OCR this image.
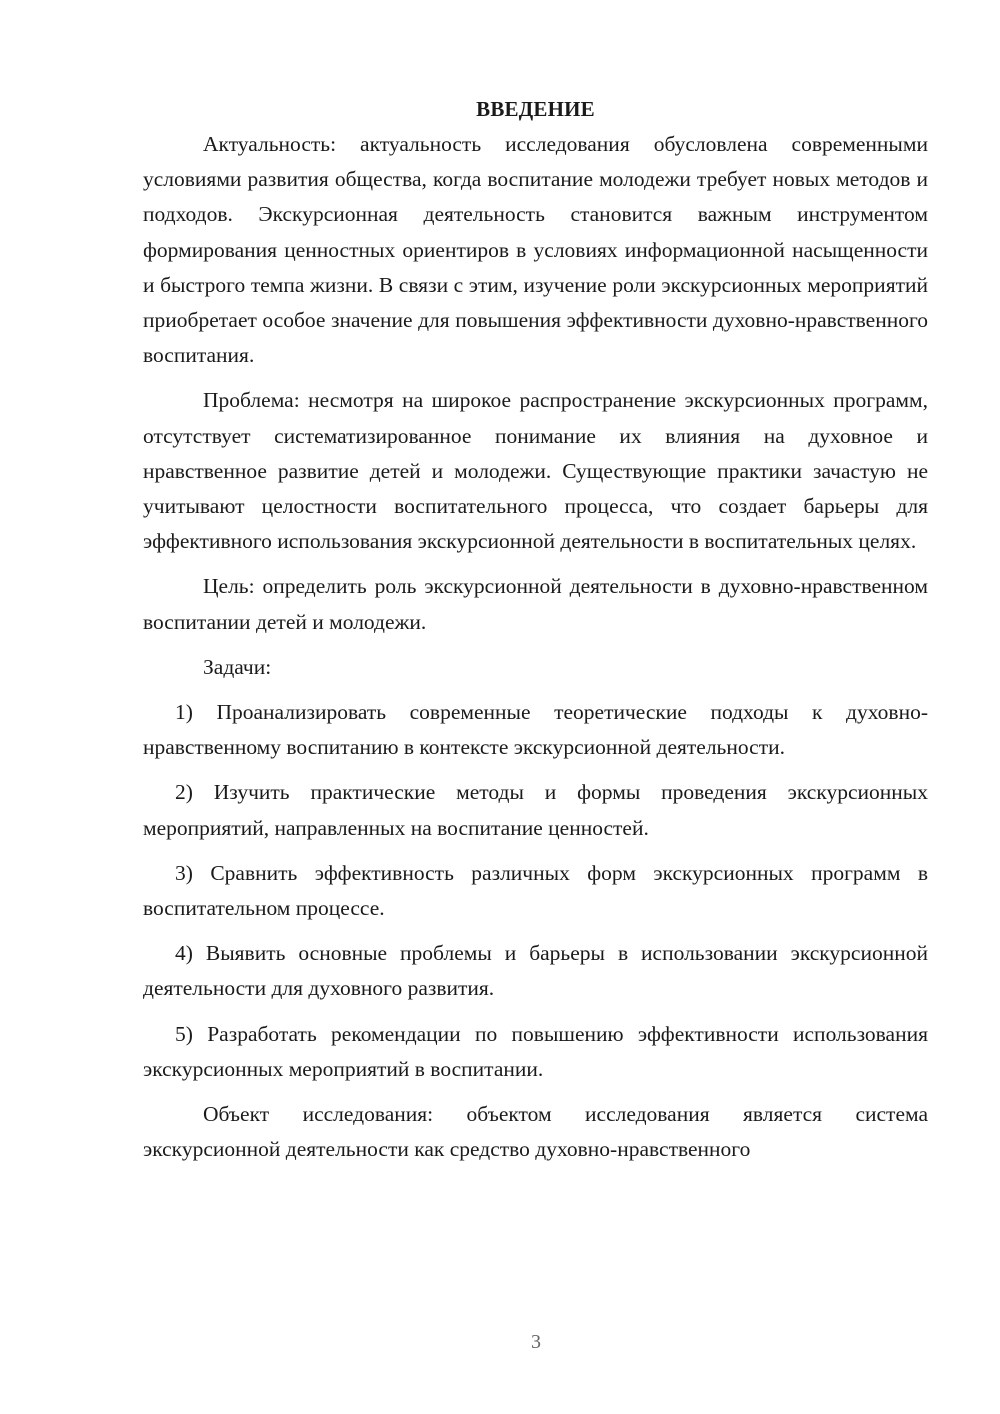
ВВЕДЕНИЕ

Актуальность: актуальность исследования обусловлена современными условиями развития общества, когда воспитание молодежи требует новых методов и подходов. Экскурсионная деятельность становится важным инструментом формирования ценностных ориентиров в условиях информационной насыщенности и быстрого темпа жизни. В связи с этим, изучение роли экскурсионных мероприятий приобретает особое значение для повышения эффективности духовно-нравственного воспитания.

Проблема: несмотря на широкое распространение экскурсионных программ, отсутствует систематизированное понимание их влияния на духовное и нравственное развитие детей и молодежи. Существующие практики зачастую не учитывают целостности воспитательного процесса, что создает барьеры для эффективного использования экскурсионной деятельности в воспитательных целях.

Цель: определить роль экскурсионной деятельности в духовно-нравственном воспитании детей и молодежи.

Задачи:

1) Проанализировать современные теоретические подходы к духовно-нравственному воспитанию в контексте экскурсионной деятельности.

2) Изучить практические методы и формы проведения экскурсионных мероприятий, направленных на воспитание ценностей.

3) Сравнить эффективность различных форм экскурсионных программ в воспитательном процессе.

4) Выявить основные проблемы и барьеры в использовании экскурсионной деятельности для духовного развития.

5) Разработать рекомендации по повышению эффективности использования экскурсионных мероприятий в воспитании.

Объект исследования: объектом исследования является система экскурсионной деятельности как средство духовно-нравственного

3
